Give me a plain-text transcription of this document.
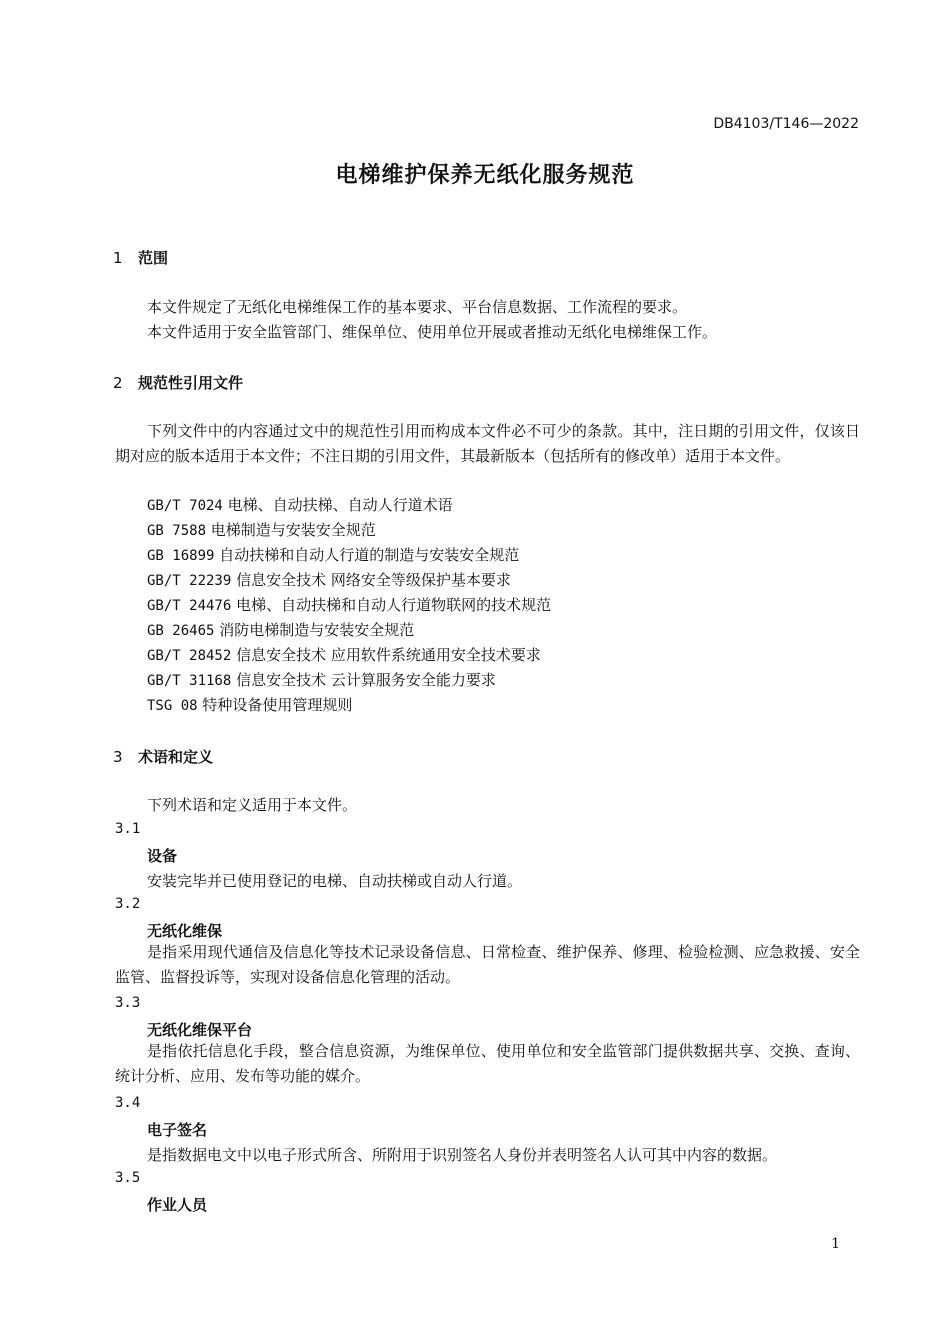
DB4103/T146—2022
电梯维护保养无纸化服务规范
1 范围
本文件规定了无纸化电梯维保工作的基本要求、平台信息数据、工作流程的要求。
本文件适用于安全监管部门、维保单位、使用单位开展或者推动无纸化电梯维保工作。
2 规范性引用文件
下列文件中的内容通过文中的规范性引用而构成本文件必不可少的条款。其中，注日期的引用文件，仅该日期对应的版本适用于本文件；不注日期的引用文件，其最新版本（包括所有的修改单）适用于本文件。
GB/T 7024 电梯、自动扶梯、自动人行道术语
GB 7588 电梯制造与安装安全规范
GB 16899 自动扶梯和自动人行道的制造与安装安全规范
GB/T 22239 信息安全技术 网络安全等级保护基本要求
GB/T 24476 电梯、自动扶梯和自动人行道物联网的技术规范
GB 26465 消防电梯制造与安装安全规范
GB/T 28452 信息安全技术 应用软件系统通用安全技术要求
GB/T 31168 信息安全技术 云计算服务安全能力要求
TSG 08 特种设备使用管理规则
3 术语和定义
下列术语和定义适用于本文件。
3.1
设备
安装完毕并已使用登记的电梯、自动扶梯或自动人行道。
3.2
无纸化维保
是指采用现代通信及信息化等技术记录设备信息、日常检查、维护保养、修理、检验检测、应急救援、安全监管、监督投诉等，实现对设备信息化管理的活动。
3.3
无纸化维保平台
是指依托信息化手段，整合信息资源，为维保单位、使用单位和安全监管部门提供数据共享、交换、查询、统计分析、应用、发布等功能的媒介。
3.4
电子签名
是指数据电文中以电子形式所含、所附用于识别签名人身份并表明签名人认可其中内容的数据。
3.5
作业人员
1
